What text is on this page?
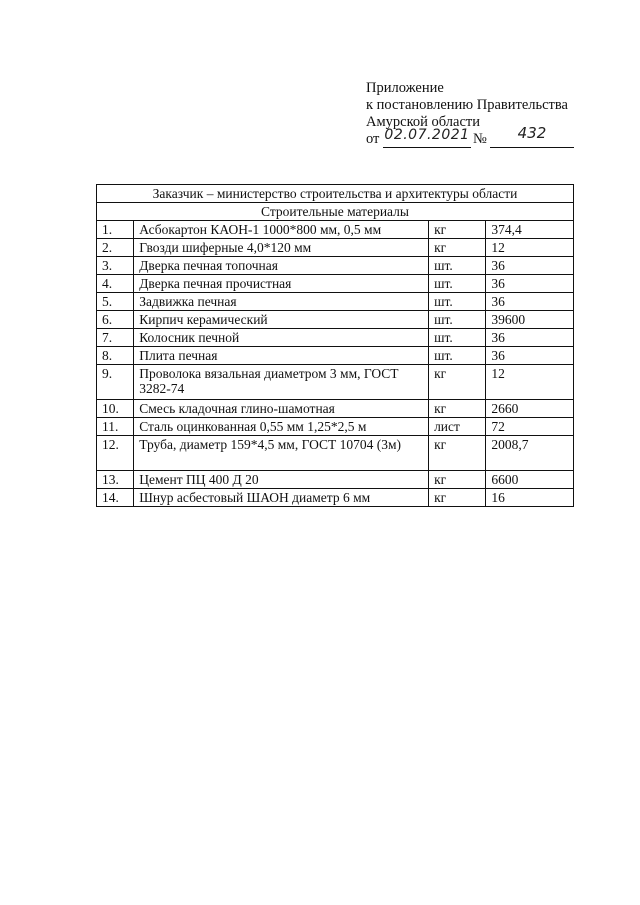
Приложение
к постановлению Правительства
Амурской области
от 02.07.2021 №	432
Заказчик – министерство строительства и архитектуры области			
Строительные материалы			
1.	Асбокартон КАОН-1 1000*800 мм, 0,5 мм	кг	374,4
2.	Гвозди шиферные 4,0*120 мм	кг	12
3.	Дверка печная топочная	шт.	36
4.	Дверка печная прочистная	шт.	36
5.	Задвижка печная	шт.	36
6.	Кирпич керамический	шт.	39600
7.	Колосник печной	шт.	36
8.	Плита печная	шт.	36
9.	Проволока вязальная диаметром 3 мм, ГОСТ 3282-74	кг	12
10.	Смесь кладочная глино-шамотная	кг	2660
11.	Сталь оцинкованная 0,55 мм 1,25*2,5 м	лист	72
12.	Труба, диаметр 159*4,5 мм, ГОСТ 10704 (3м)	кг	2008,7
13.	Цемент ПЦ 400 Д 20	кг	6600
14.	Шнур асбестовый ШАОН диаметр 6 мм	кг	16
